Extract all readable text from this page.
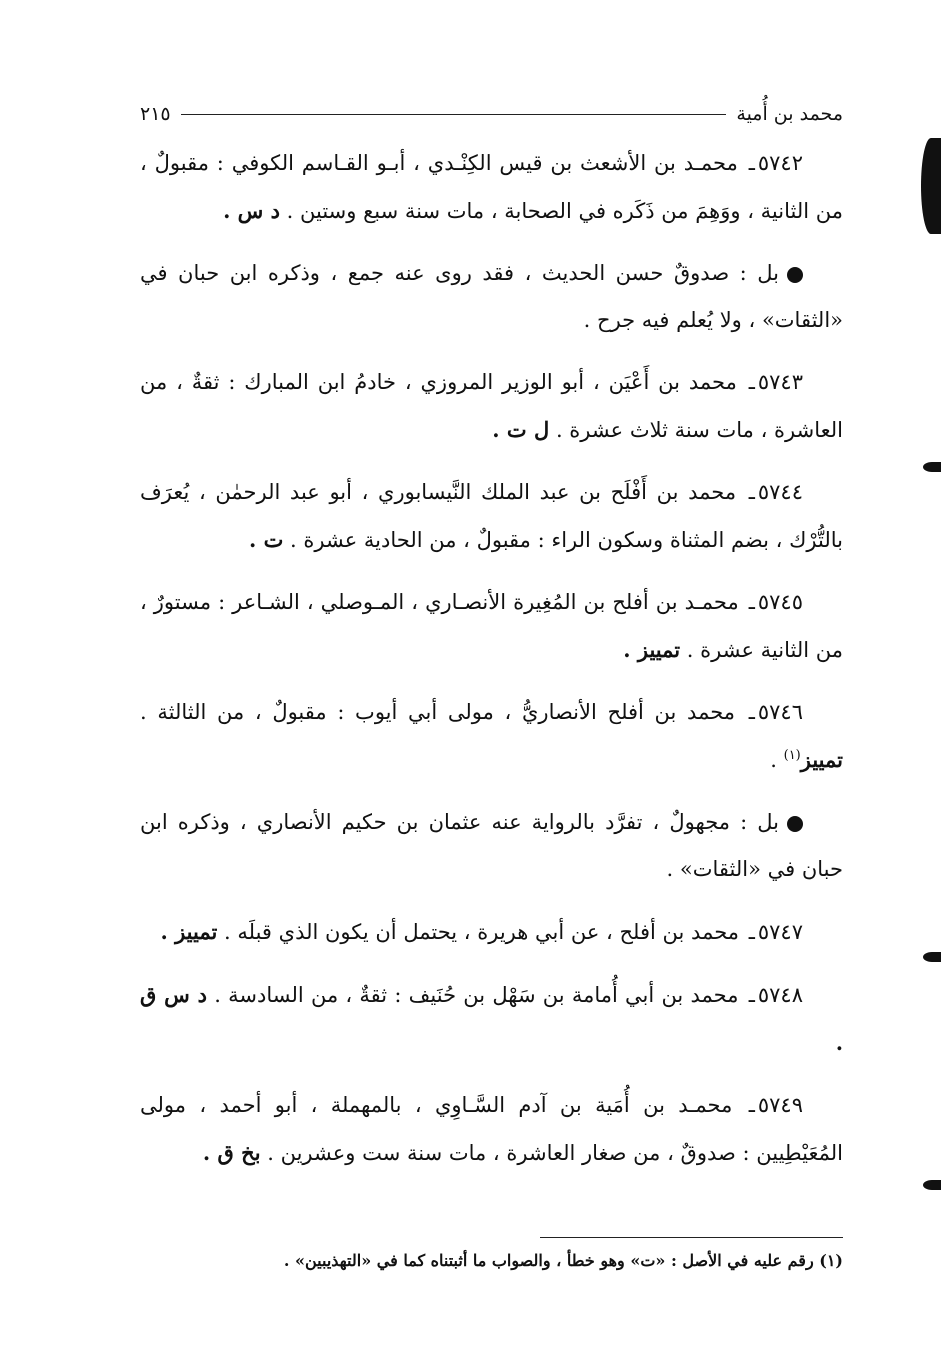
محمد بن أُمية
٢١٥
٥٧٤٢ـ محمـد بن الأشعث بن قيس الكِنْـدي ، أبـو القـاسم الكوفي : مقبولٌ ، من الثانية ، ووَهِمَ من ذَكَره في الصحابة ، مات سنة سبع وستين . د س .
بل : صدوقٌ حسن الحديث ، فقد روى عنه جمع ، وذكره ابن حبان في «الثقات» ، ولا يُعلم فيه جرح .
٥٧٤٣ـ محمد بن أَعْيَن ، أبو الوزير المروزي ، خادمُ ابن المبارك : ثقةٌ ، من العاشرة ، مات سنة ثلاث عشرة . ل ت .
٥٧٤٤ـ محمد بن أَفْلَح بن عبد الملك النَّيسابوري ، أبو عبد الرحمٰن ، يُعرَف بالتُّرْك ، بضم المثناة وسكون الراء : مقبولٌ ، من الحادية عشرة . ت .
٥٧٤٥ـ محمـد بن أفلح بن المُغِيرة الأنصـاري ، المـوصلي ، الشـاعر : مستورٌ ، من الثانية عشرة . تمييز .
٥٧٤٦ـ محمد بن أفلح الأنصاريُّ ، مولى أبي أيوب : مقبولٌ ، من الثالثة . تمييز$^{(١)}$ .
بل : مجهولٌ ، تفرَّد بالرواية عنه عثمان بن حكيم الأنصاري ، وذكره ابن حبان في «الثقات» .
٥٧٤٧ـ محمد بن أفلح ، عن أبي هريرة ، يحتمل أن يكون الذي قبلَه . تمييز .
٥٧٤٨ـ محمد بن أبي أُمامة بن سَهْل بن حُنَيف : ثقةٌ ، من السادسة . د س ق .
٥٧٤٩ـ محمـد بن أُمَية بن آدم السَّـاوِي ، بالمهملة ، أبو أحمد ، مولى المُعَيْطِيين : صدوقٌ ، من صغار العاشرة ، مات سنة ست وعشرين . بخ ق .
(١) رقم عليه في الأصل : «ت» وهو خطأ ، والصواب ما أثبتناه كما في «التهذيبين» .
